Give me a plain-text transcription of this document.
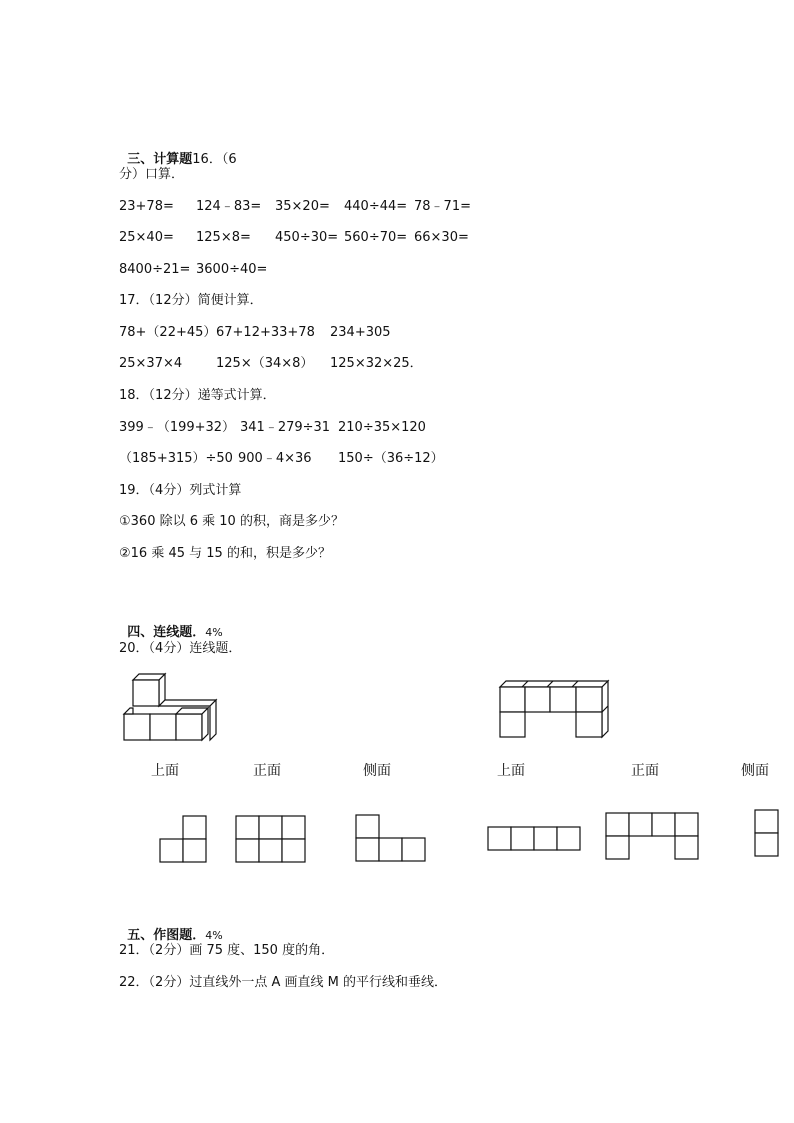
三、计算题16．（6

分）口算．
23+78= 124﹣83= 35×20= 440÷44= 78﹣71=
25×40= 125×8= 450÷30= 560÷70= 66×30=
8400÷21= 3600÷40=
17．（12分）简便计算．
78+（22+45） 67+12+33+78 234+305
25×37×4	125×（34×8） 125×32×25．
18．（12分）递等式计算．
399﹣（199+32） 341﹣279÷31 210÷35×120
（185+315）÷50 900﹣4×36 150÷（36÷12）
19．（4分）列式计算
①360 除以 6 乘 10 的积，商是多少？
②16 乘 45 与 15 的和，积是多少？

四、连线题．4%

20．（4分）连线题．
上面	正面	侧面	上面	正面	侧面

五、作图题．4%

21．（2分）画 75 度、150 度的角．
22．（2分）过直线外一点 A 画直线 M 的平行线和垂线．
